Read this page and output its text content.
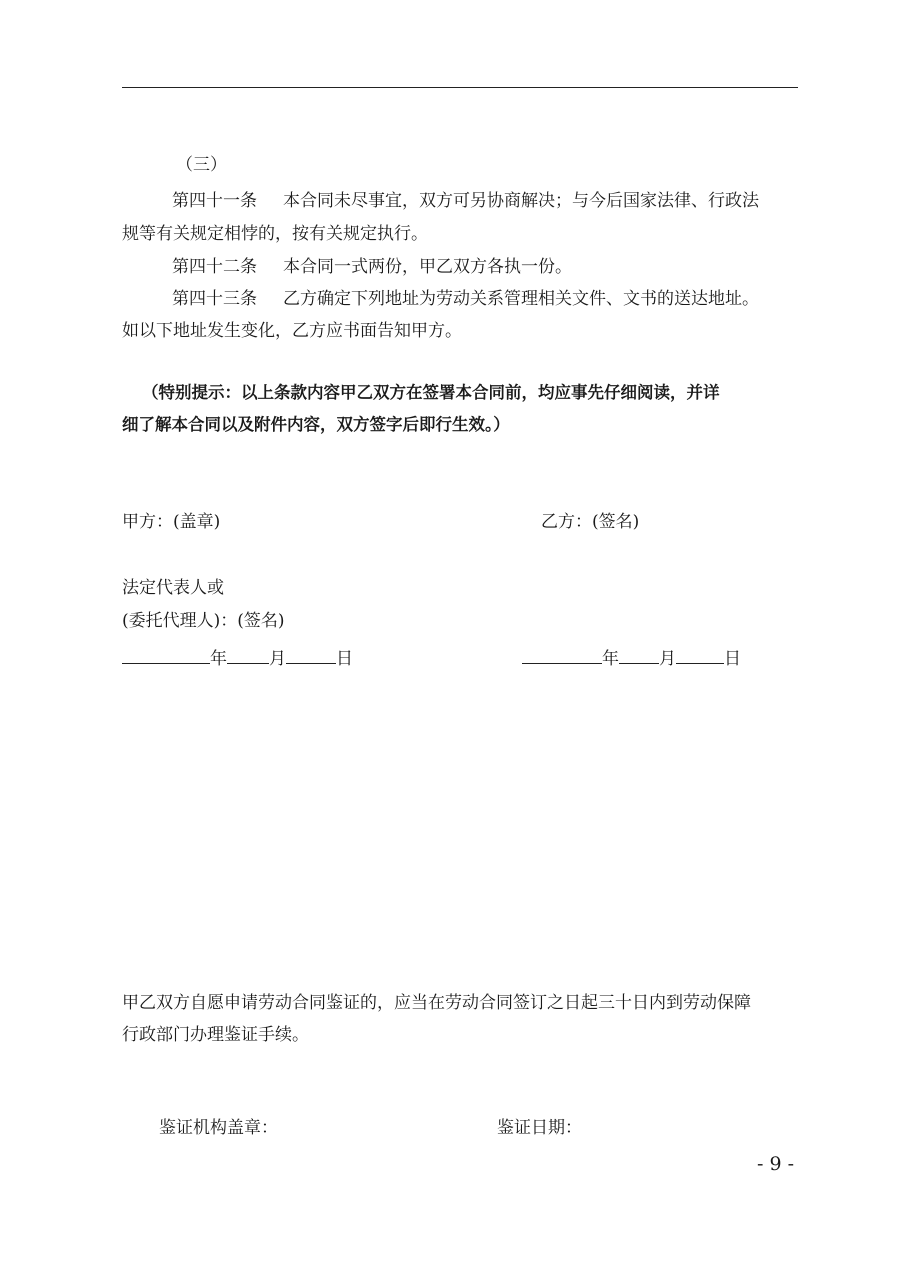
（三）
第四十一条 本合同未尽事宜，双方可另协商解决；与今后国家法律、行政法
规等有关规定相悖的，按有关规定执行。
第四十二条 本合同一式两份，甲乙双方各执一份。
第四十三条 乙方确定下列地址为劳动关系管理相关文件、文书的送达地址。
如以下地址发生变化，乙方应书面告知甲方。
（特别提示：以上条款内容甲乙双方在签署本合同前，均应事先仔细阅读，并详
细了解本合同以及附件内容，双方签字后即行生效。）
甲方：(盖章)	乙方：(签名)
法定代表人或
(委托代理人)：(签名)
年 月	日	年 月	日
甲乙双方自愿申请劳动合同鉴证的，应当在劳动合同签订之日起三十日内到劳动保障
行政部门办理鉴证手续。
鉴证机构盖章：	鉴证日期：
- 9 -
